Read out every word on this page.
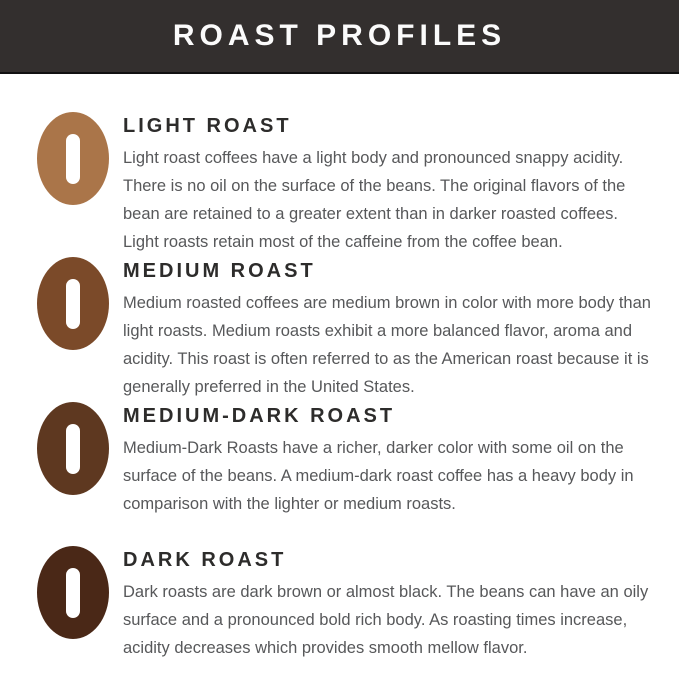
ROAST PROFILES
LIGHT ROAST
Light roast coffees have a light body and pronounced snappy acidity. There is no oil on the surface of the beans. The original flavors of the bean are retained to a greater extent than in darker roasted coffees. Light roasts retain most of the caffeine from the coffee bean.
MEDIUM ROAST
Medium roasted coffees are medium brown in color with more body than light roasts. Medium roasts exhibit a more balanced flavor, aroma and acidity. This roast is often referred to as the American roast because it is generally preferred in the United States.
MEDIUM-DARK ROAST
Medium-Dark Roasts have a richer, darker color with some oil on the surface of the beans. A medium-dark roast coffee has a heavy body in comparison with the lighter or medium roasts.
DARK ROAST
Dark roasts are dark brown or almost black. The beans can have an oily surface and a pronounced bold rich body. As roasting times increase, acidity decreases which provides smooth mellow flavor.
